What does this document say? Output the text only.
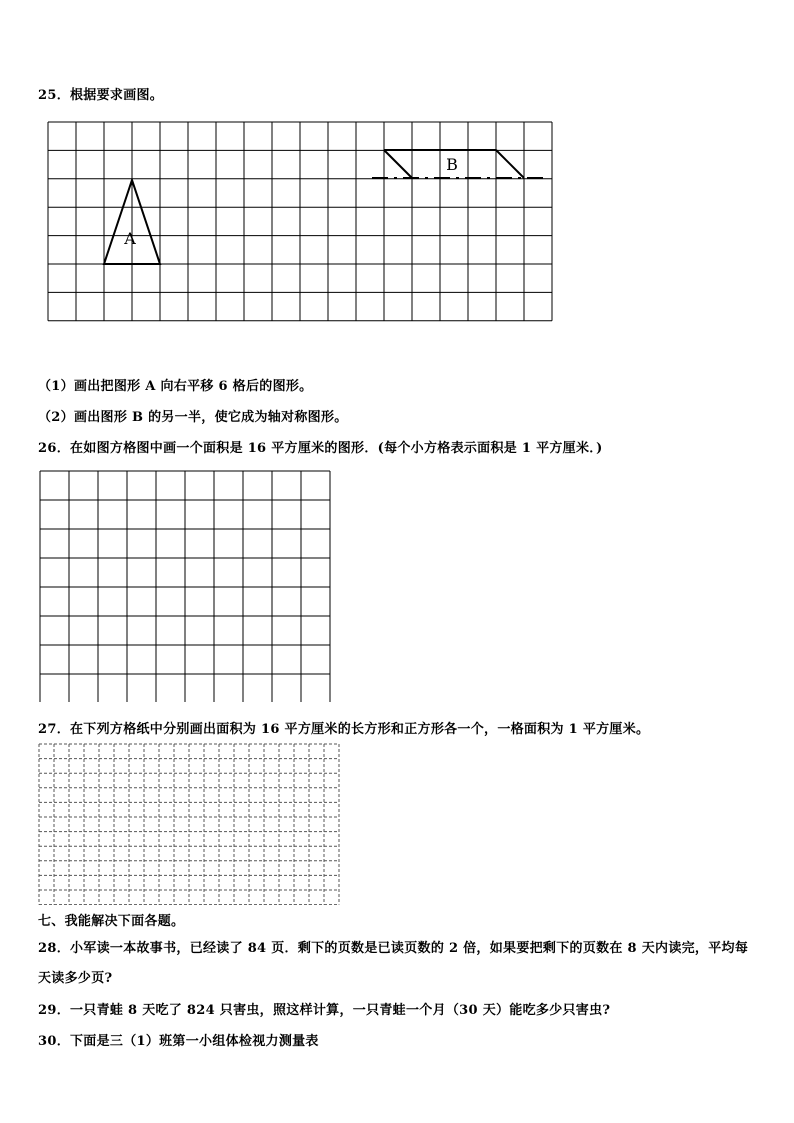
25．根据要求画图。
A
B
（1）画出把图形 A 向右平移 6 格后的图形。
（2）画出图形 B 的另一半，使它成为轴对称图形。
26．在如图方格图中画一个面积是 16 平方厘米的图形．(每个小方格表示面积是 1 平方厘米．)
27．在下列方格纸中分别画出面积为 16 平方厘米的长方形和正方形各一个，一格面积为 1 平方厘米。
七、我能解决下面各题。
28．小军读一本故事书，已经读了 84 页．剩下的页数是已读页数的 2 倍，如果要把剩下的页数在 8 天内读完，平均每
天读多少页?
29．一只青蛙 8 天吃了 824 只害虫，照这样计算，一只青蛙一个月（30 天）能吃多少只害虫?
30．下面是三（1）班第一小组体检视力测量表
